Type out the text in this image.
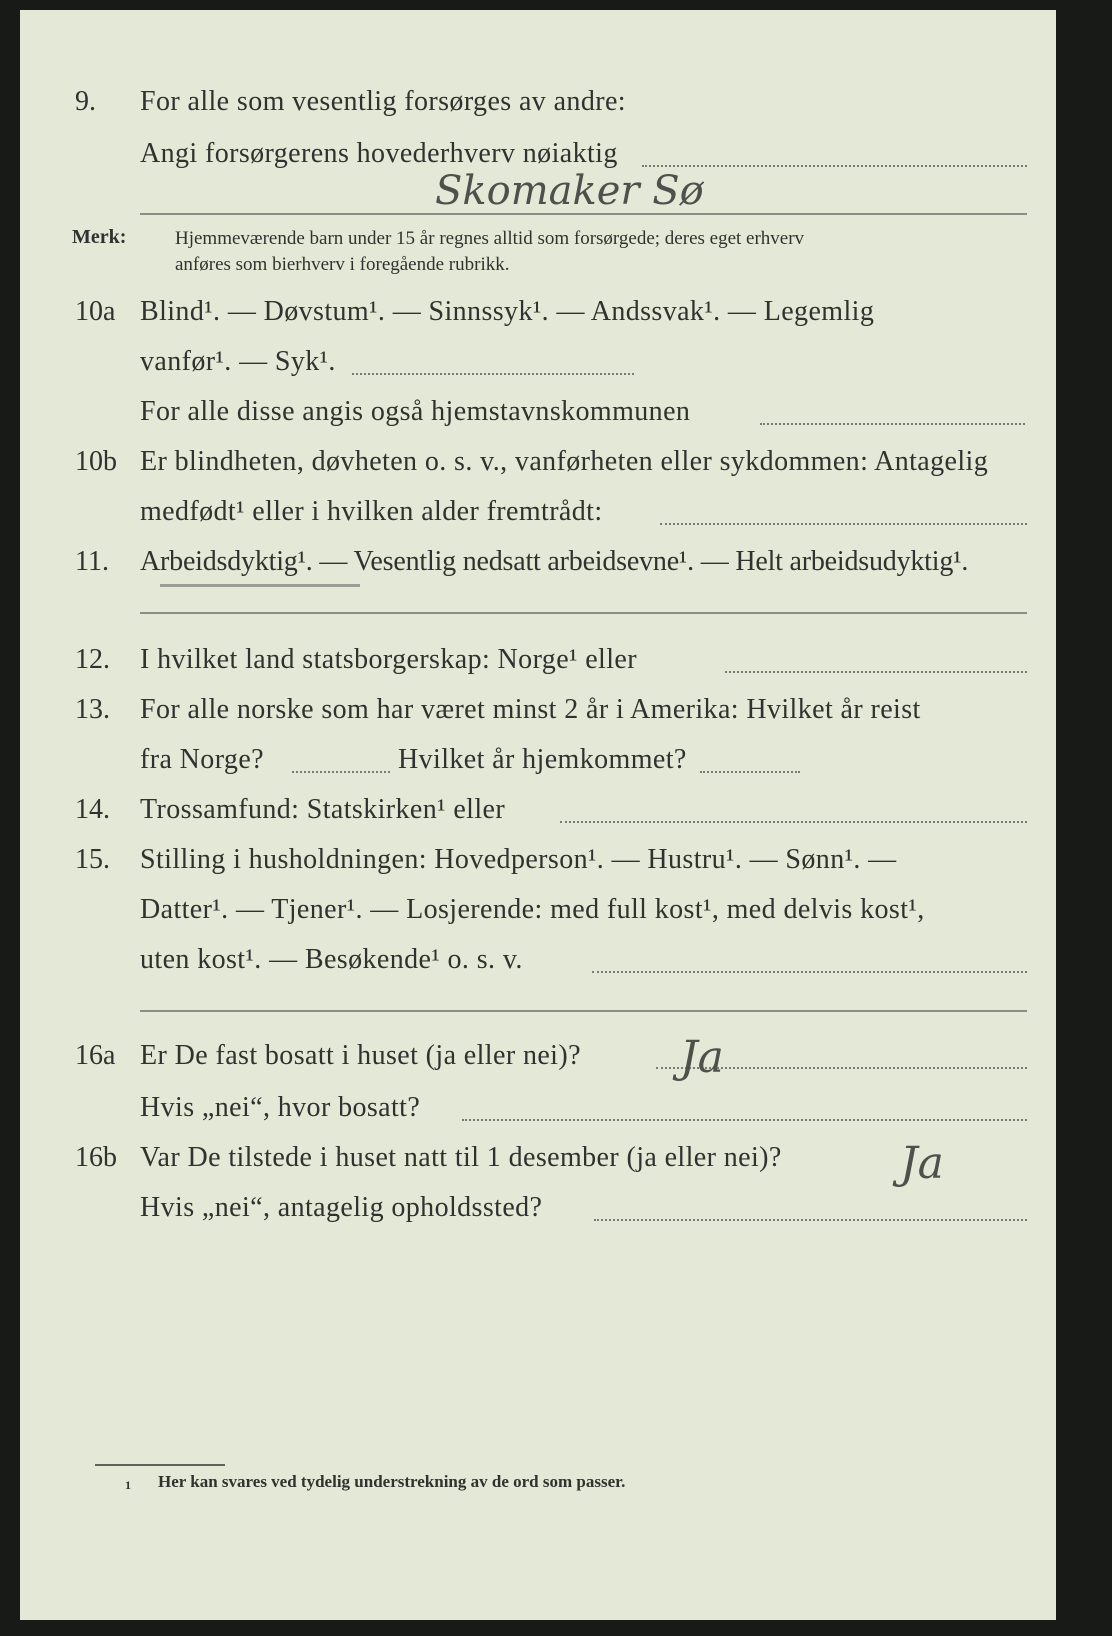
9. For alle som vesentlig forsørges av andre:
Angi forsørgerens hovederhverv nøiaktig
Skomaker Sø
Merk:	Hjemmeværende barn under 15 år regnes alltid som forsørgede; deres eget erhverv
anføres som bierhverv i foregående rubrikk.
10a Blind¹. — Døvstum¹. — Sinnssyk¹. — Andssvak¹. — Legemlig
vanfør¹. — Syk¹.
For alle disse angis også hjemstavnskommunen
10b Er blindheten, døvheten o. s. v., vanførheten eller sykdommen: Antagelig
medfødt¹ eller i hvilken alder fremtrådt:
11. Arbeidsdyktig¹. — Vesentlig nedsatt arbeidsevne¹. — Helt arbeidsudyktig¹.
12. I hvilket land statsborgerskap: Norge¹ eller
13. For alle norske som har været minst 2 år i Amerika: Hvilket år reist
fra Norge?	Hvilket år hjemkommet?
14. Trossamfund: Statskirken¹ eller
15. Stilling i husholdningen: Hovedperson¹. — Hustru¹. — Sønn¹. —
Datter¹. — Tjener¹. — Losjerende: med full kost¹, med delvis kost¹,
uten kost¹. — Besøkende¹ o. s. v.
16a Er De fast bosatt i huset (ja eller nei)? Ja
Hvis „nei“, hvor bosatt?
16b Var De tilstede i huset natt til 1 desember (ja eller nei)?	Ja
Hvis „nei“, antagelig opholdssted?
1 Her kan svares ved tydelig understrekning av de ord som passer.
